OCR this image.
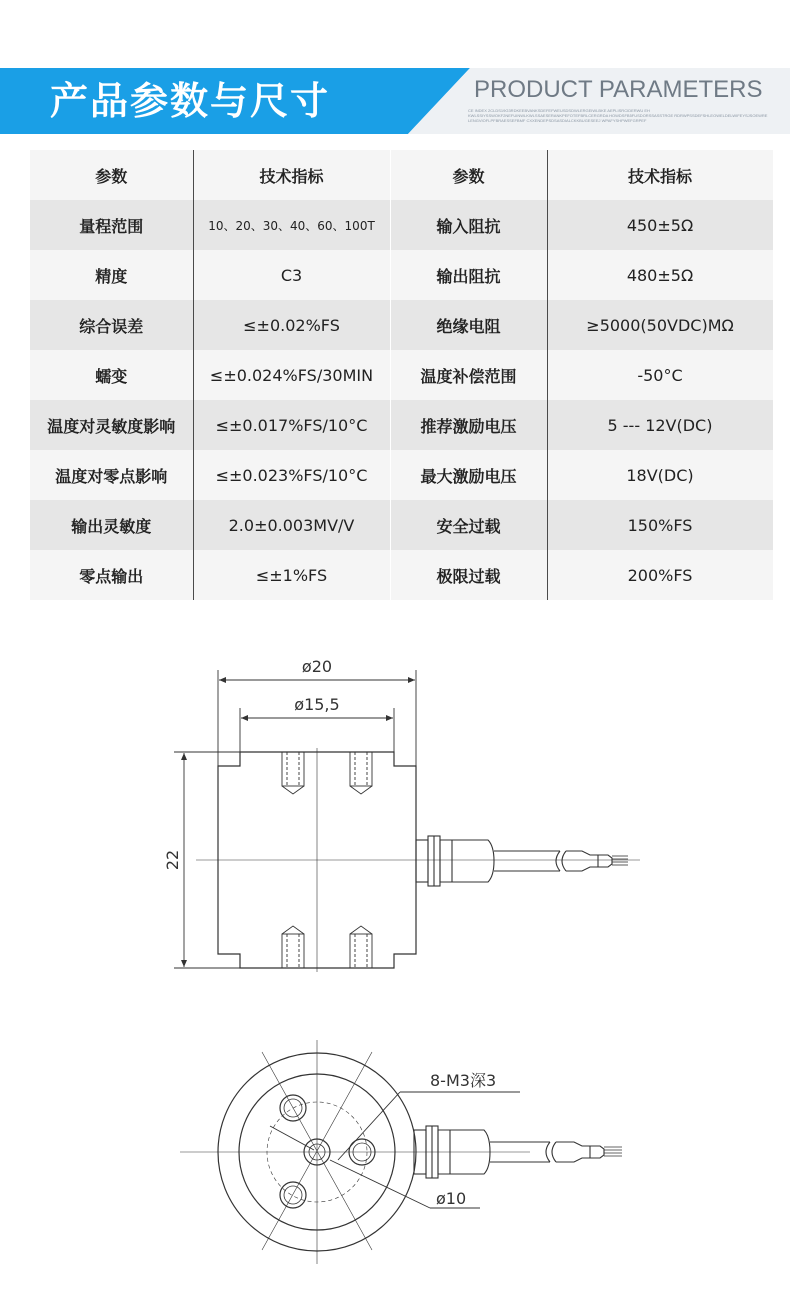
产品参数与尺寸	PRODUCT PARAMETERS
CE INDEX 2CLDS19G3RDKEEBVANKSDEFEFWEUSDSDWLERGEIWLBKE AEPLISRCIDERWU EH KWLSSIYSSWOKF2NEFUINWLKWLSSAESERANKPEFOTEFBRLCERGRDA HOWDSFB5FUSDORSSASSTRGE RDRWPSSDEFSHLEOWELDELWIFEYSJSOEWRE LENGVIOFLPFBRAESSEFBMF CXXENDEPSDSASDIALCKKBUGESEEJ WPAFYSHPWEFGRPEF
参数	技术指标	参数	技术指标
量程范围	10、20、30、40、60、100T	输入阻抗	450±5Ω
精度	C3	输出阻抗	480±5Ω
综合误差	≤±0.02%FS	绝缘电阻	≥5000(50VDC)MΩ
蠕变	≤±0.024%FS/30MIN	温度补偿范围	-50°C
温度对灵敏度影响	≤±0.017%FS/10°C	推荐激励电压	5 --- 12V(DC)
温度对零点影响	≤±0.023%FS/10°C	最大激励电压	18V(DC)
输出灵敏度	2.0±0.003MV/V	安全过载	150%FS
零点输出	≤±1%FS	极限过载	200%FS
ø20
ø15,5
22
8-M3深3
ø10
